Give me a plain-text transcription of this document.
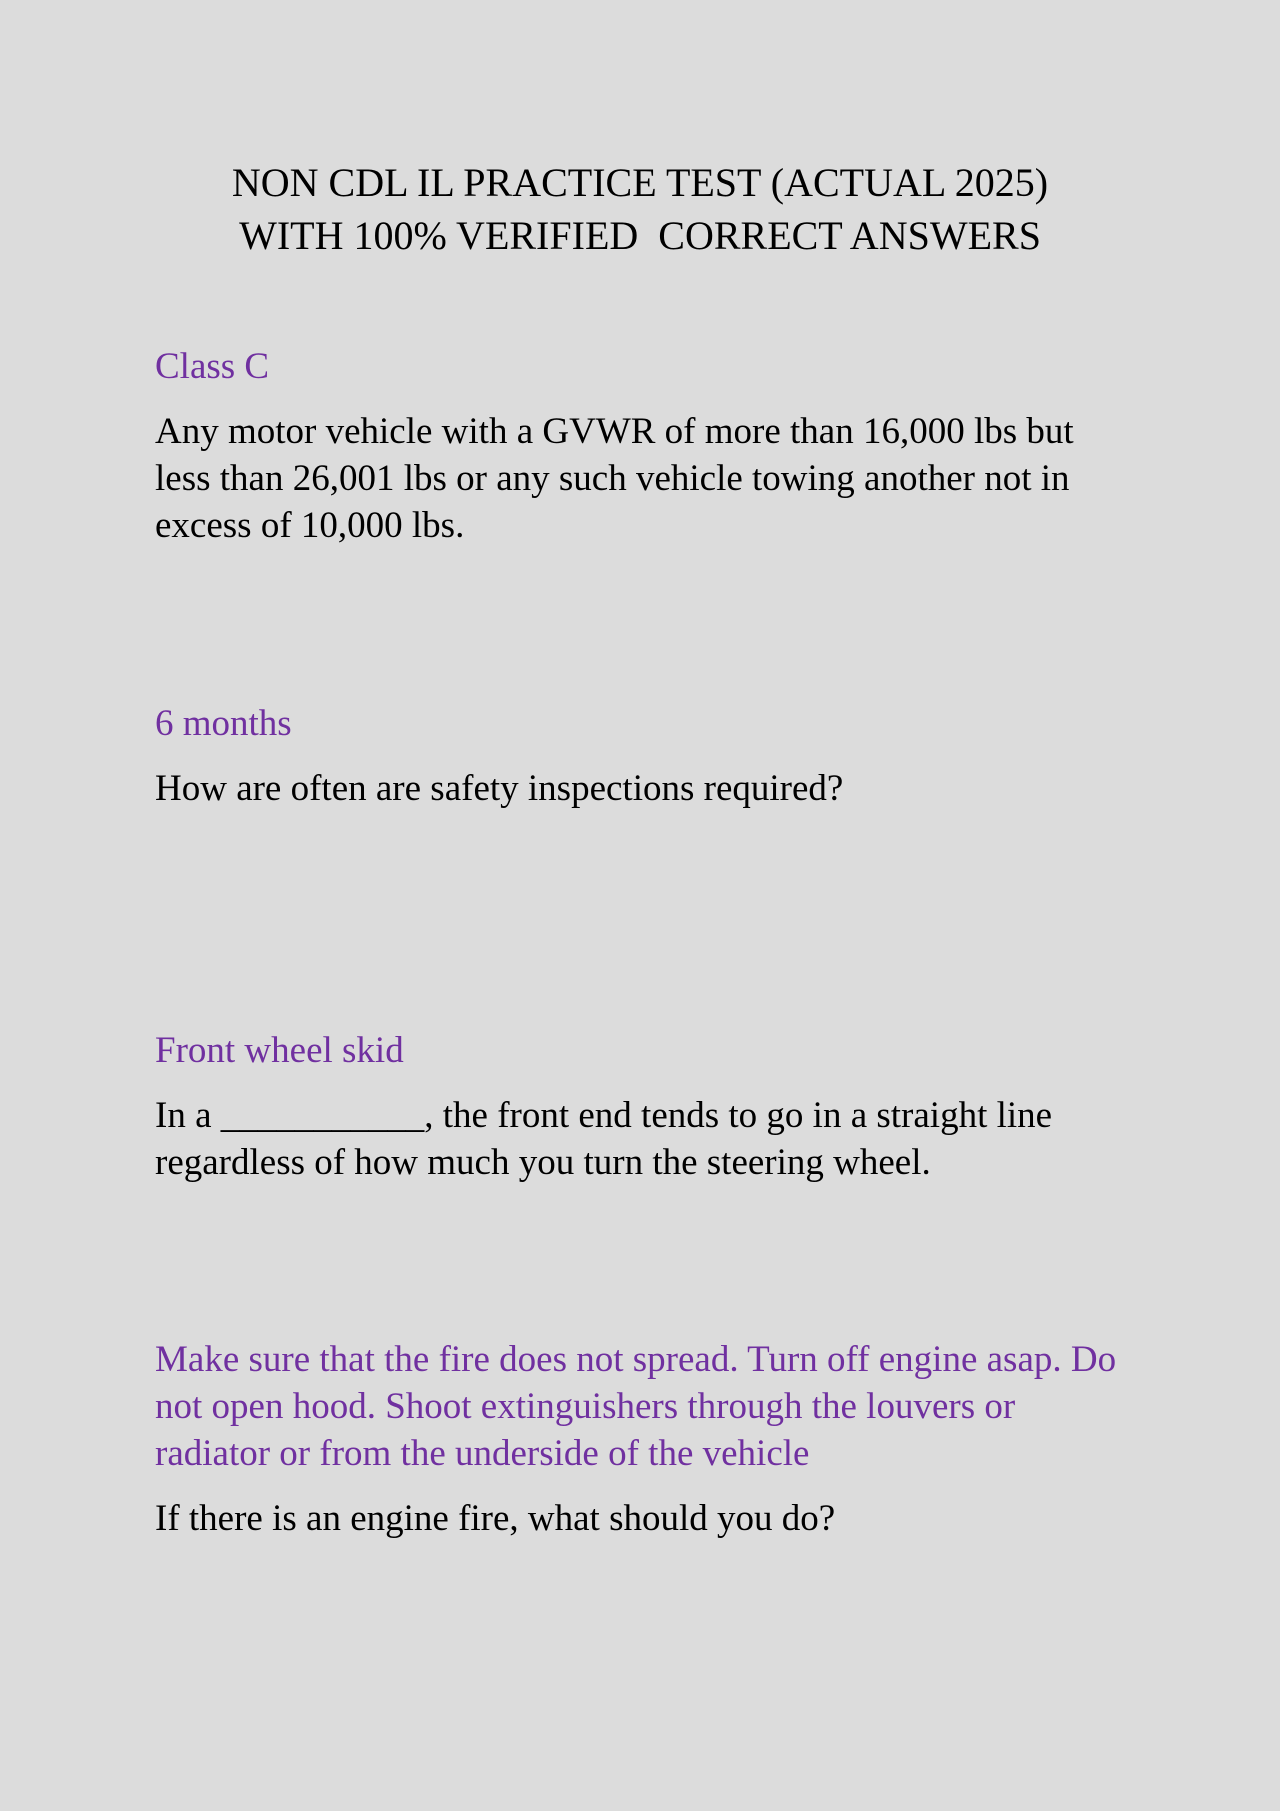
NON CDL IL PRACTICE TEST (ACTUAL 2025)
WITH 100% VERIFIED  CORRECT ANSWERS

Class C

Any motor vehicle with a GVWR of more than 16,000 lbs but less than 26,001 lbs or any such vehicle towing another not in excess of 10,000 lbs.

6 months

How are often are safety inspections required?

Front wheel skid

In a ___________, the front end tends to go in a straight line regardless of how much you turn the steering wheel.

Make sure that the fire does not spread. Turn off engine asap. Do not open hood. Shoot extinguishers through the louvers or radiator or from the underside of the vehicle

If there is an engine fire, what should you do?
